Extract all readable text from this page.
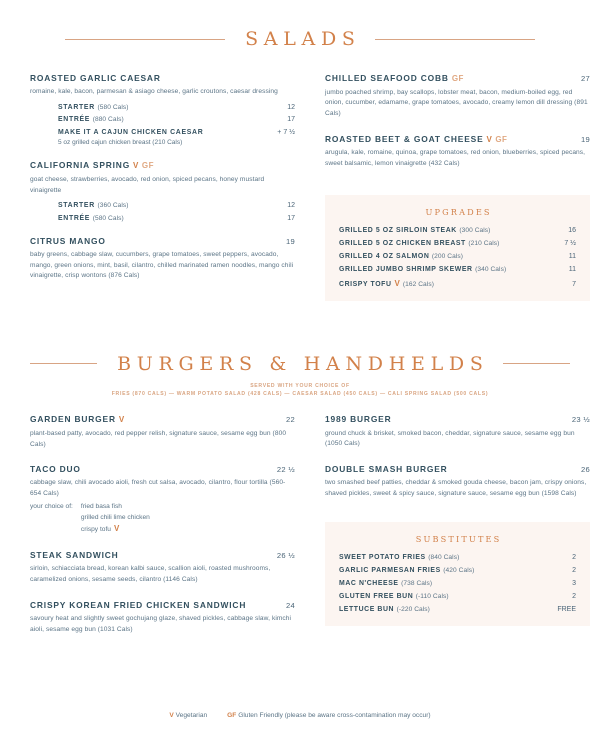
SALADS
ROASTED GARLIC CAESAR
romaine, kale, bacon, parmesan & asiago cheese, garlic croutons, caesar dressing
STARTER (580 Cals)	12
ENTRÉE (880 Cals)	17
MAKE IT A CAJUN CHICKEN CAESAR	+ 7 ½
5 oz grilled cajun chicken breast (210 Cals)
CALIFORNIA SPRING V GF
goat cheese, strawberries, avocado, red onion, spiced pecans, honey mustard vinaigrette
STARTER (360 Cals)	12
ENTRÉE (580 Cals)	17
CITRUS MANGO	19
baby greens, cabbage slaw, cucumbers, grape tomatoes, sweet peppers, avocado, mango, green onions, mint, basil, cilantro, chilled marinated ramen noodles, mango chili vinaigrette, crisp wontons (876 Cals)
CHILLED SEAFOOD COBB GF	27
jumbo poached shrimp, bay scallops, lobster meat, bacon, medium-boiled egg, red onion, cucumber, edamame, grape tomatoes, avocado, creamy lemon dill dressing (891 Cals)
ROASTED BEET & GOAT CHEESE V GF	19
arugula, kale, romaine, quinoa, grape tomatoes, red onion, blueberries, spiced pecans, sweet balsamic, lemon vinaigrette (432 Cals)
UPGRADES
GRILLED 5 OZ SIRLOIN STEAK (300 Cals)	16
GRILLED 5 OZ CHICKEN BREAST (210 Cals)	7 ½
GRILLED 4 OZ SALMON (200 Cals)	11
GRILLED JUMBO SHRIMP SKEWER (340 Cals)	11
CRISPY TOFU V (162 Cals)	7
BURGERS & HANDHELDS
SERVED WITH YOUR CHOICE OF
FRIES (870 CALS) — WARM POTATO SALAD (428 CALS) — CAESAR SALAD (450 CALS) — CALI SPRING SALAD (500 CALS)
GARDEN BURGER V	22
plant-based patty, avocado, red pepper relish, signature sauce, sesame egg bun (800 Cals)
TACO DUO	22 ½
cabbage slaw, chili avocado aioli, fresh cut salsa, avocado, cilantro, flour tortilla (560-654 Cals)
your choice of: fried basa fish
grilled chili lime chicken
crispy tofu V
STEAK SANDWICH	26 ½
sirloin, schiacciata bread, korean kalbi sauce, scallion aioli, roasted mushrooms, caramelized onions, sesame seeds, cilantro (1146 Cals)
CRISPY KOREAN FRIED CHICKEN SANDWICH	24
savoury heat and slightly sweet gochujang glaze, shaved pickles, cabbage slaw, kimchi aioli, sesame egg bun (1031 Cals)
1989 BURGER	23 ½
ground chuck & brisket, smoked bacon, cheddar, signature sauce, sesame egg bun (1050 Cals)
DOUBLE SMASH BURGER	26
two smashed beef patties, cheddar & smoked gouda cheese, bacon jam, crispy onions, shaved pickles, sweet & spicy sauce, signature sauce, sesame egg bun (1598 Cals)
SUBSTITUTES
SWEET POTATO FRIES (840 Cals)	2
GARLIC PARMESAN FRIES (420 Cals)	2
MAC N'CHEESE (738 Cals)	3
GLUTEN FREE BUN (-110 Cals)	2
LETTUCE BUN (-220 Cals)	FREE
V Vegetarian	GF Gluten Friendly (please be aware cross-contamination may occur)
